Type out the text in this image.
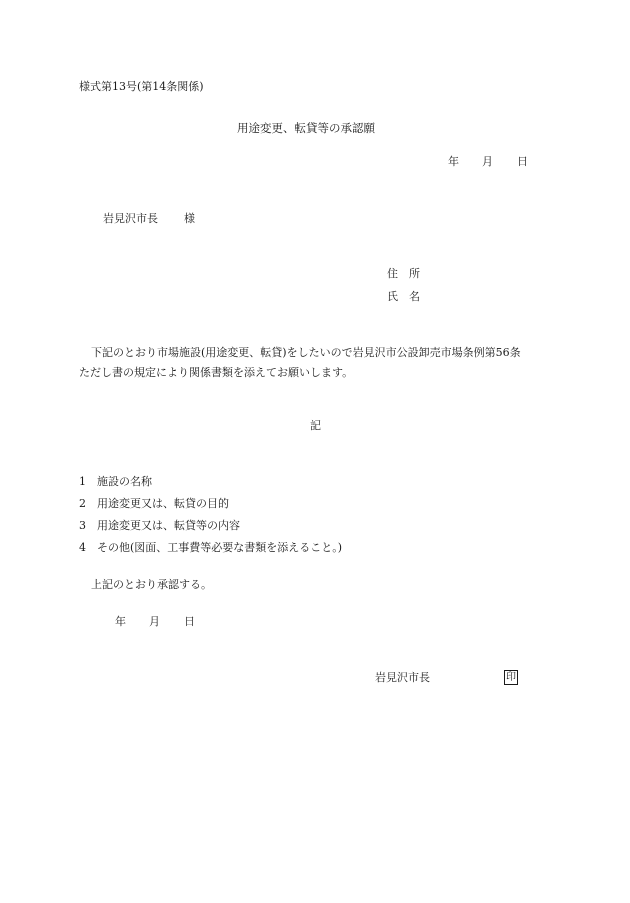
様式第13号(第14条関係)
用途変更、転貸等の承認願
年 月 日
岩見沢市長 様
住　所
氏　名
下記のとおり市場施設(用途変更、転貸)をしたいので岩見沢市公設卸売市場条例第56条
ただし書の規定により関係書類を添えてお願いします。
記
1 施設の名称
2 用途変更又は、転貸の目的
3 用途変更又は、転貸等の内容
4 その他(図面、工事費等必要な書類を添えること。)
上記のとおり承認する。
年 月 日
岩見沢市長	印
